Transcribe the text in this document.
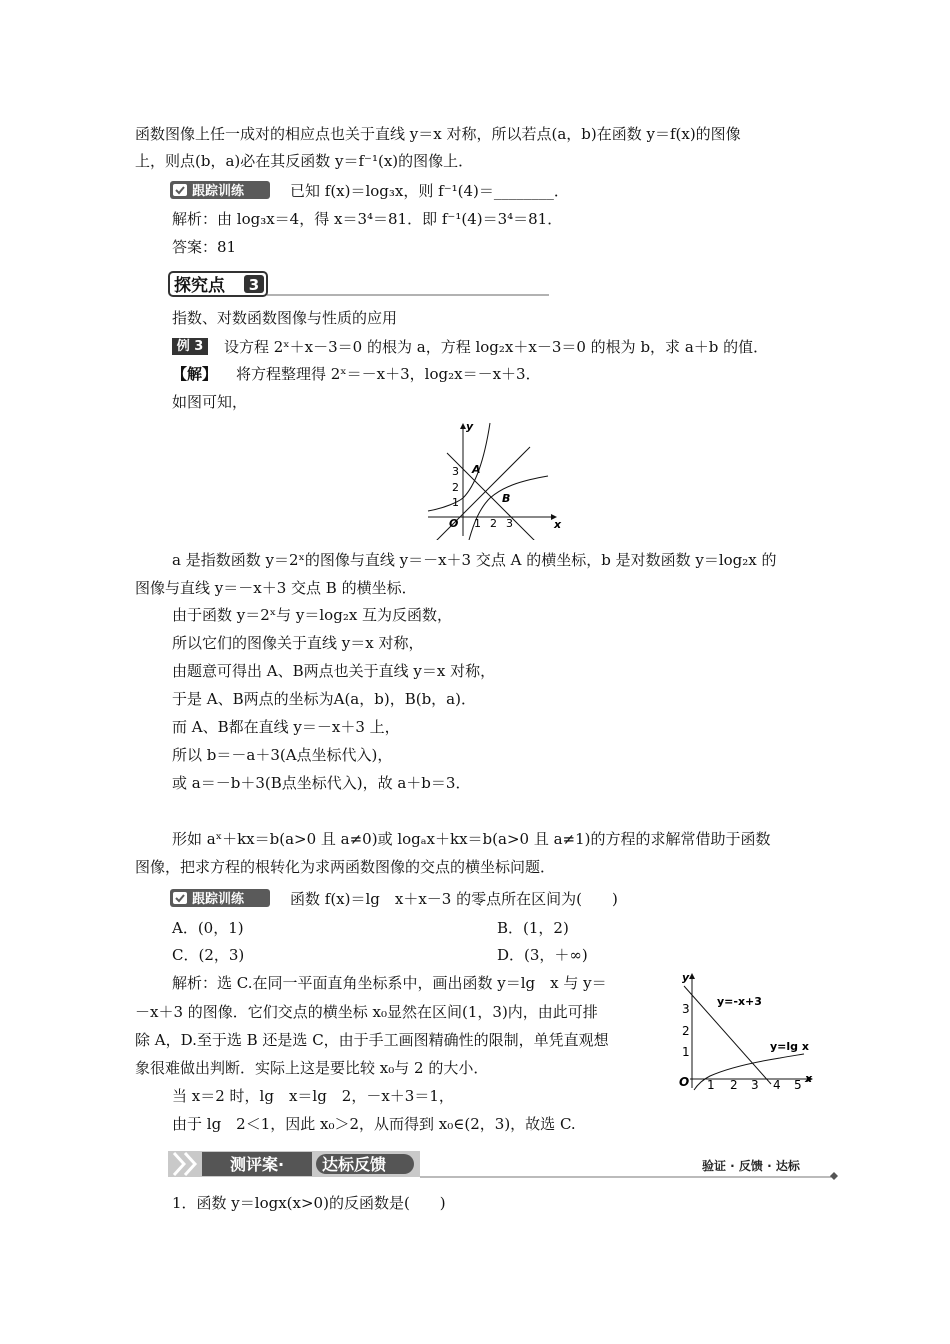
函数图像上任一成对的相应点也关于直线 y＝x 对称，所以若点(a，b)在函数 y＝f(x)的图像
上，则点(b，a)必在其反函数 y＝f⁻¹(x)的图像上．
跟踪训练	已知 f(x)＝log₃x，则 f⁻¹(4)＝________．
解析：由 log₃x＝4，得 x＝3⁴＝81．即 f⁻¹(4)＝3⁴＝81．
答案：81
探究点 3
指数、对数函数图像与性质的应用
例 3	设方程 2ˣ＋x－3＝0 的根为 a，方程 log₂x＋x－3＝0 的根为 b，求 a＋b 的值．
【解】 将方程整理得 2ˣ＝－x＋3，log₂x＝－x＋3．
如图可知，
x
y
O 1 2 3
1
2
3 A
B
a 是指数函数 y＝2ˣ的图像与直线 y＝－x＋3 交点 A 的横坐标，b 是对数函数 y＝log₂x 的
图像与直线 y＝－x＋3 交点 B 的横坐标．
由于函数 y＝2ˣ与 y＝log₂x 互为反函数，
所以它们的图像关于直线 y＝x 对称，
由题意可得出 A、B两点也关于直线 y＝x 对称，
于是 A、B两点的坐标为A(a，b)，B(b，a)．
而 A、B都在直线 y＝－x＋3 上，
所以 b＝－a＋3(A点坐标代入)，
或 a＝－b＋3(B点坐标代入)，故 a＋b＝3．
形如 aˣ＋kx＝b(a>0 且 a≠0)或 logₐx＋kx＝b(a>0 且 a≠1)的方程的求解常借助于函数
图像，把求方程的根转化为求两函数图像的交点的横坐标问题．
跟踪训练	函数 f(x)＝lg　x＋x－3 的零点所在区间为(　　)
A．(0，1)	B．(1，2)
C．(2，3)	D．(3，＋∞)
解析：选 C.在同一平面直角坐标系中，画出函数 y＝lg　x 与 y＝
－x＋3 的图像．它们交点的横坐标 x₀显然在区间(1，3)内，由此可排
除 A，D.至于选 B 还是选 C，由于手工画图精确性的限制，单凭直观想
象很难做出判断．实际上这是要比较 x₀与 2 的大小．
当 x＝2 时，lg　x＝lg　2，－x＋3＝1，
由于 lg　2＜1，因此 x₀＞2，从而得到 x₀∈(2，3)，故选 C.
x
y
O 1 2 3 4 5
1
2
3
y=-x+3
y=lg x
测评案· 达标反馈	验证 · 反馈 · 达标
1．函数 y＝logx(x>0)的反函数是(　　)
